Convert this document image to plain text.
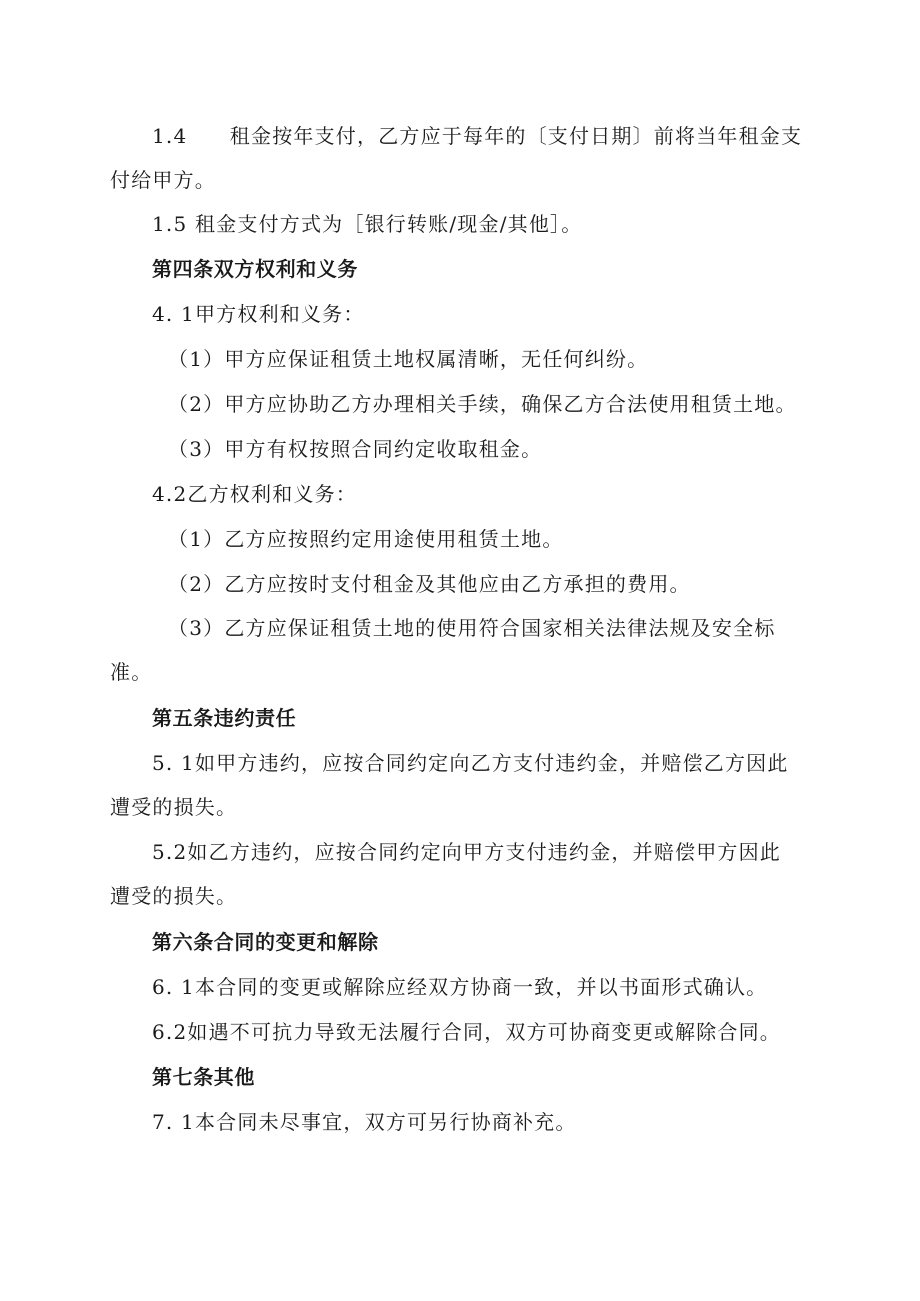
1.4　　租金按年支付，乙方应于每年的〔支付日期〕前将当年租金支
付给甲方。
1.5 租金支付方式为［银行转账/现金/其他］。
第四条双方权利和义务
4. 1甲方权利和义务：
（1）甲方应保证租赁土地权属清晰，无任何纠纷。
（2）甲方应协助乙方办理相关手续，确保乙方合法使用租赁土地。
（3）甲方有权按照合同约定收取租金。
4.2乙方权利和义务：
（1）乙方应按照约定用途使用租赁土地。
（2）乙方应按时支付租金及其他应由乙方承担的费用。
（3）乙方应保证租赁土地的使用符合国家相关法律法规及安全标
准。
第五条违约责任
5. 1如甲方违约，应按合同约定向乙方支付违约金，并赔偿乙方因此
遭受的损失。
5.2如乙方违约，应按合同约定向甲方支付违约金，并赔偿甲方因此
遭受的损失。
第六条合同的变更和解除
6. 1本合同的变更或解除应经双方协商一致，并以书面形式确认。
6.2如遇不可抗力导致无法履行合同，双方可协商变更或解除合同。
第七条其他
7. 1本合同未尽事宜，双方可另行协商补充。
